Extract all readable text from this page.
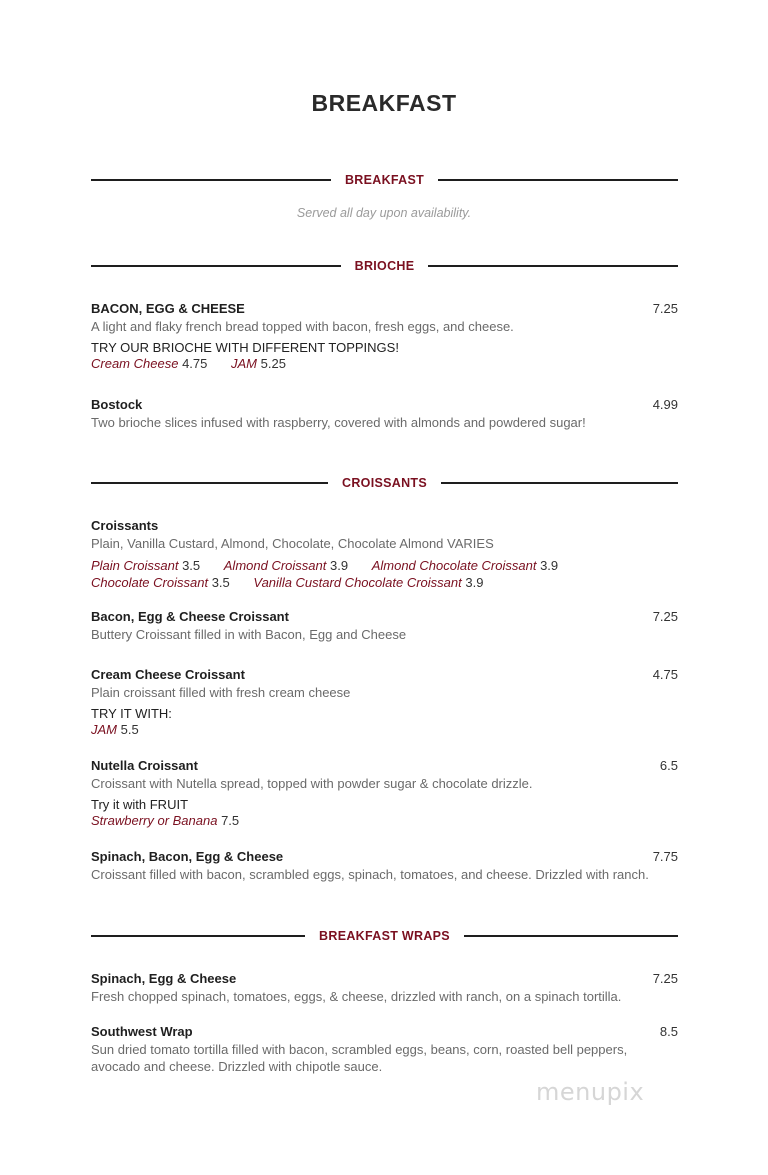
BREAKFAST
BREAKFAST
Served all day upon availability.
BRIOCHE
BACON, EGG & CHEESE	7.25
A light and flaky french bread topped with bacon, fresh eggs, and cheese.
TRY OUR BRIOCHE WITH DIFFERENT TOPPINGS!
Cream Cheese 4.75 JAM 5.25
Bostock	4.99
Two brioche slices infused with raspberry, covered with almonds and powdered sugar!
CROISSANTS
Croissants
Plain, Vanilla Custard, Almond, Chocolate, Chocolate Almond VARIES
Plain Croissant 3.5 Almond Croissant 3.9 Almond Chocolate Croissant 3.9
Chocolate Croissant 3.5 Vanilla Custard Chocolate Croissant 3.9
Bacon, Egg & Cheese Croissant	7.25
Buttery Croissant filled in with Bacon, Egg and Cheese
Cream Cheese Croissant	4.75
Plain croissant filled with fresh cream cheese
TRY IT WITH:
JAM 5.5
Nutella Croissant	6.5
Croissant with Nutella spread, topped with powder sugar & chocolate drizzle.
Try it with FRUIT
Strawberry or Banana 7.5
Spinach, Bacon, Egg & Cheese	7.75
Croissant filled with bacon, scrambled eggs, spinach, tomatoes, and cheese. Drizzled with ranch.
BREAKFAST WRAPS
Spinach, Egg & Cheese	7.25
Fresh chopped spinach, tomatoes, eggs, & cheese, drizzled with ranch, on a spinach tortilla.
Southwest Wrap	8.5
Sun dried tomato tortilla filled with bacon, scrambled eggs, beans, corn, roasted bell peppers, avocado and cheese. Drizzled with chipotle sauce.
menupix
